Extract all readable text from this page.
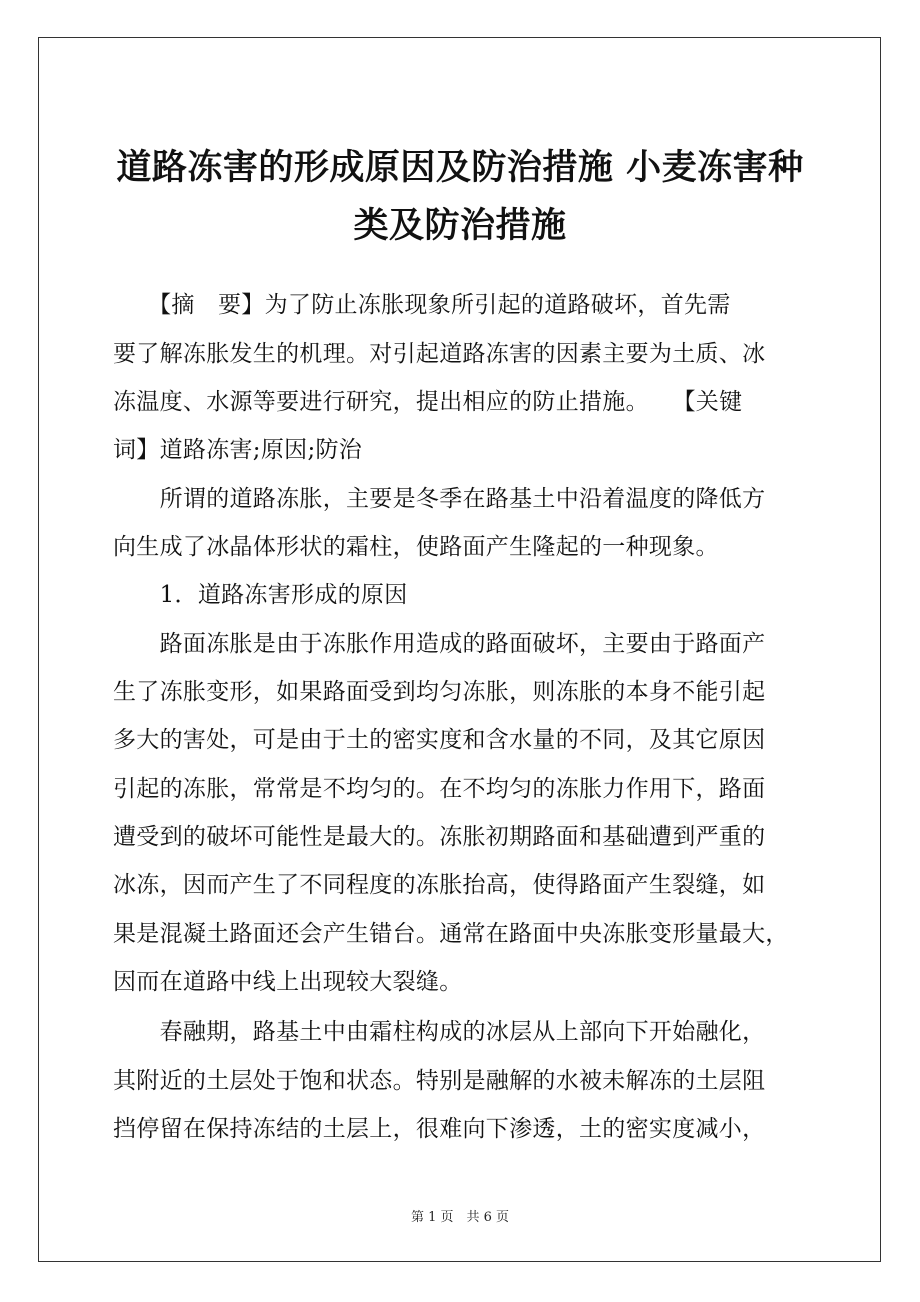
道路冻害的形成原因及防治措施 小麦冻害种
类及防治措施
　　【摘　要】为了防止冻胀现象所引起的道路破坏，首先需
要了解冻胀发生的机理。对引起道路冻害的因素主要为土质、冰
冻温度、水源等要进行研究，提出相应的防止措施。　　【关键
词】道路冻害;原因;防治
　　所谓的道路冻胀，主要是冬季在路基土中沿着温度的降低方
向生成了冰晶体形状的霜柱，使路面产生隆起的一种现象。
　　1．道路冻害形成的原因
　　路面冻胀是由于冻胀作用造成的路面破坏，主要由于路面产
生了冻胀变形，如果路面受到均匀冻胀，则冻胀的本身不能引起
多大的害处，可是由于土的密实度和含水量的不同，及其它原因
引起的冻胀，常常是不均匀的。在不均匀的冻胀力作用下，路面
遭受到的破坏可能性是最大的。冻胀初期路面和基础遭到严重的
冰冻，因而产生了不同程度的冻胀抬高，使得路面产生裂缝，如
果是混凝土路面还会产生错台。通常在路面中央冻胀变形量最大，
因而在道路中线上出现较大裂缝。
　　春融期，路基土中由霜柱构成的冰层从上部向下开始融化，
其附近的土层处于饱和状态。特别是融解的水被未解冻的土层阻
挡停留在保持冻结的土层上，很难向下渗透，土的密实度减小，
第 1 页　共 6 页
